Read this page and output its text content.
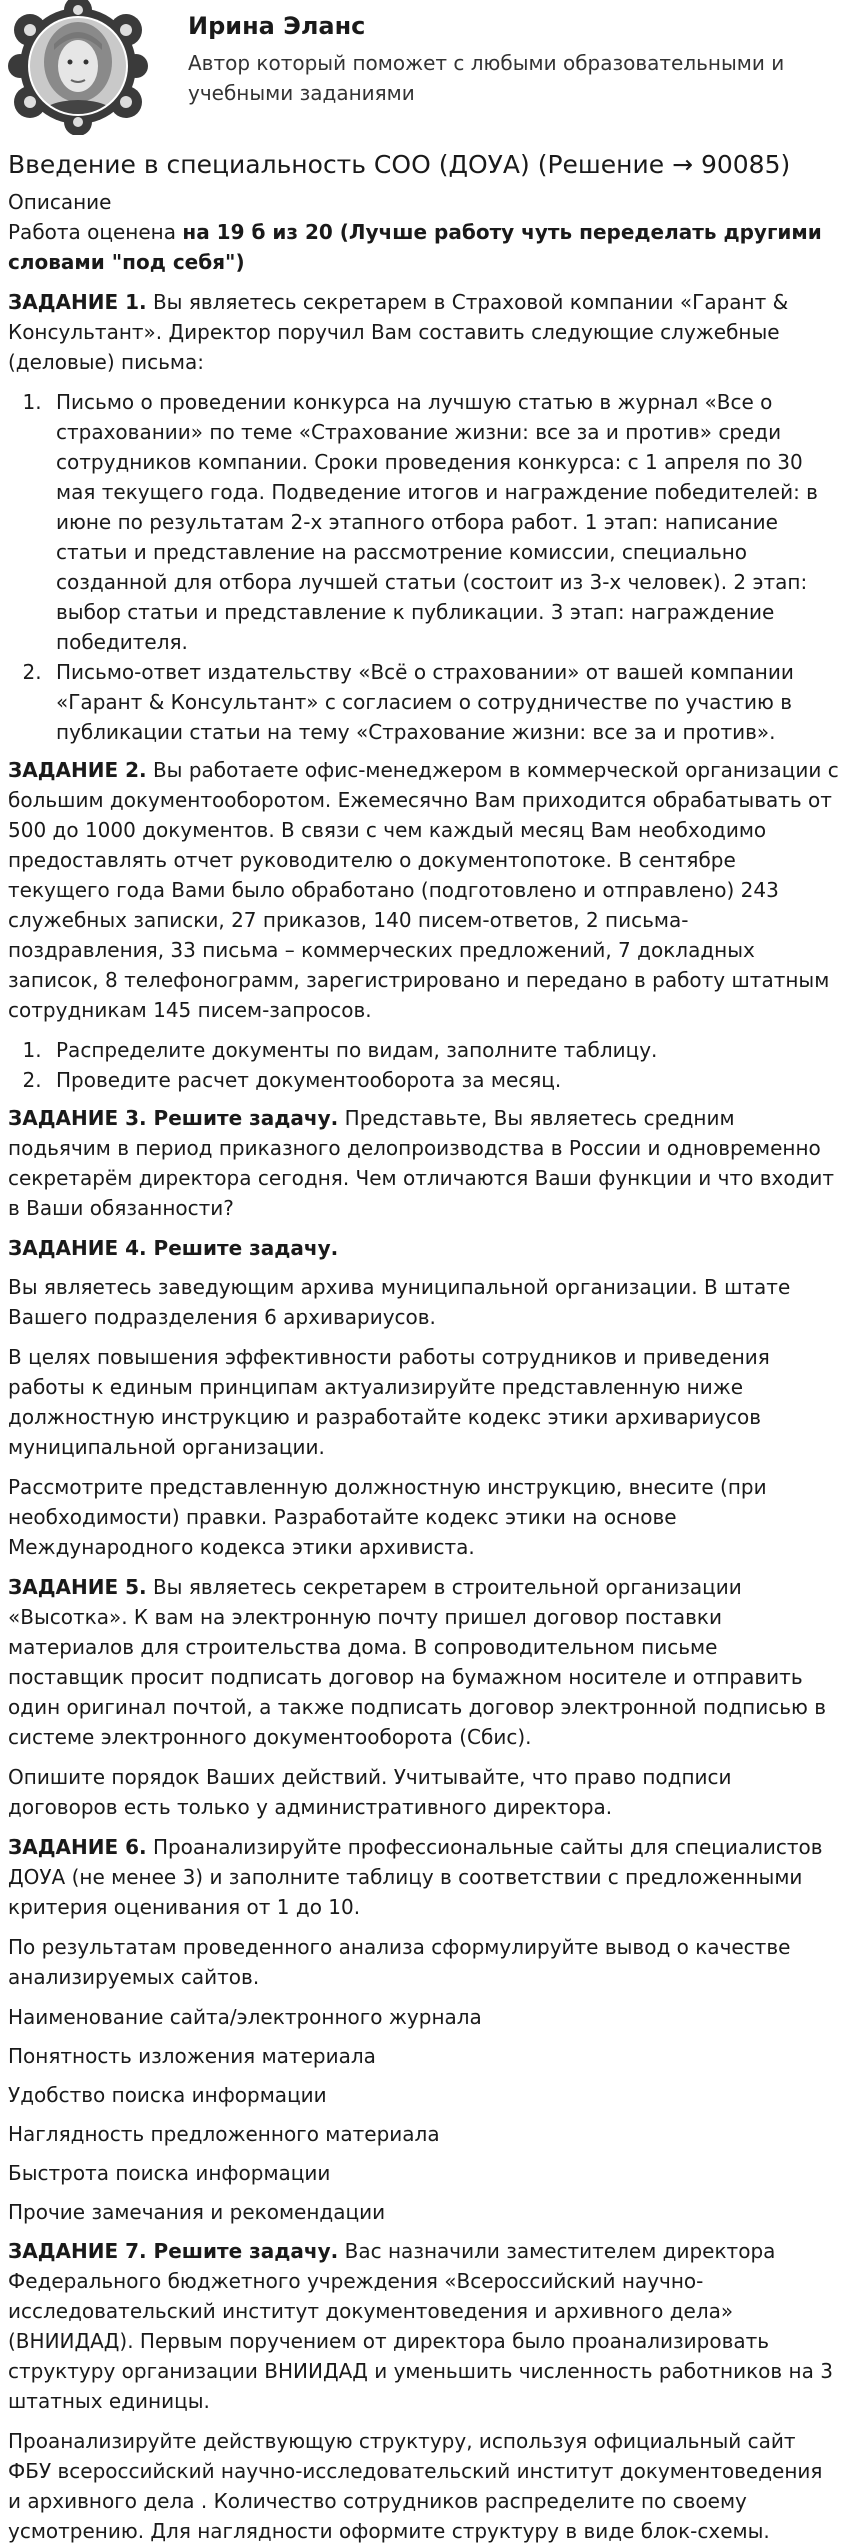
Ирина Эланс
Автор который поможет с любыми образовательными и учебными заданиями
Введение в специальность СОО (ДОУА) (Решение → 90085)
Описание

Работа оценена на 19 б из 20 (Лучше работу чуть переделать другими словами "под себя")

ЗАДАНИЕ 1. Вы являетесь секретарем в Страховой компании «Гарант & Консультант». Директор поручил Вам составить следующие служебные (деловые) письма:

1. Письмо о проведении конкурса на лучшую статью в журнал «Все о страховании» по теме «Страхование жизни: все за и против» среди сотрудников компании. Сроки проведения конкурса: с 1 апреля по 30 мая текущего года. Подведение итогов и награждение победителей: в июне по результатам 2-х этапного отбора работ. 1 этап: написание статьи и представление на рассмотрение комиссии, специально созданной для отбора лучшей статьи (состоит из 3-х человек). 2 этап: выбор статьи и представление к публикации. 3 этап: награждение победителя.
2. Письмо-ответ издательству «Всё о страховании» от вашей компании «Гарант & Консультант» с согласием о сотрудничестве по участию в публикации статьи на тему «Страхование жизни: все за и против».

ЗАДАНИЕ 2. Вы работаете офис-менеджером в коммерческой организации с большим документооборотом. Ежемесячно Вам приходится обрабатывать от 500 до 1000 документов. В связи с чем каждый месяц Вам необходимо предоставлять отчет руководителю о документопотоке. В сентябре текущего года Вами было обработано (подготовлено и отправлено) 243 служебных записки, 27 приказов, 140 писем-ответов, 2 письма-поздравления, 33 письма – коммерческих предложений, 7 докладных записок, 8 телефонограмм, зарегистрировано и передано в работу штатным сотрудникам 145 писем-запросов.

1. Распределите документы по видам, заполните таблицу.
2. Проведите расчет документооборота за месяц.

ЗАДАНИЕ 3. Решите задачу. Представьте, Вы являетесь средним подьячим в период приказного делопроизводства в России и одновременно секретарём директора сегодня. Чем отличаются Ваши функции и что входит в Ваши обязанности?

ЗАДАНИЕ 4. Решите задачу.

Вы являетесь заведующим архива муниципальной организации. В штате Вашего подразделения 6 архивариусов.

В целях повышения эффективности работы сотрудников и приведения работы к единым принципам актуализируйте представленную ниже должностную инструкцию и разработайте кодекс этики архивариусов муниципальной организации.

Рассмотрите представленную должностную инструкцию, внесите (при необходимости) правки. Разработайте кодекс этики на основе Международного кодекса этики архивиста.

ЗАДАНИЕ 5. Вы являетесь секретарем в строительной организации «Высотка». К вам на электронную почту пришел договор поставки материалов для строительства дома. В сопроводительном письме поставщик просит подписать договор на бумажном носителе и отправить один оригинал почтой, а также подписать договор электронной подписью в системе электронного документооборота (Сбис).

Опишите порядок Ваших действий. Учитывайте, что право подписи договоров есть только у административного директора.

ЗАДАНИЕ 6. Проанализируйте профессиональные сайты для специалистов ДОУА (не менее 3) и заполните таблицу в соответствии с предложенными критерия оценивания от 1 до 10.

По результатам проведенного анализа сформулируйте вывод о качестве анализируемых сайтов.

Наименование сайта/электронного журнала

Понятность изложения материала

Удобство поиска информации

Наглядность предложенного материала

Быстрота поиска информации

Прочие замечания и рекомендации

ЗАДАНИЕ 7. Решите задачу. Вас назначили заместителем директора Федерального бюджетного учреждения «Всероссийский научно-исследовательский институт документоведения и архивного дела» (ВНИИДАД). Первым поручением от директора было проанализировать структуру организации ВНИИДАД и уменьшить численность работников на 3 штатных единицы.

Проанализируйте действующую структуру, используя официальный сайт ФБУ всероссийский научно-исследовательский институт документоведения и архивного дела . Количество сотрудников распределите по своему усмотрению. Для наглядности оформите структуру в виде блок-схемы.
